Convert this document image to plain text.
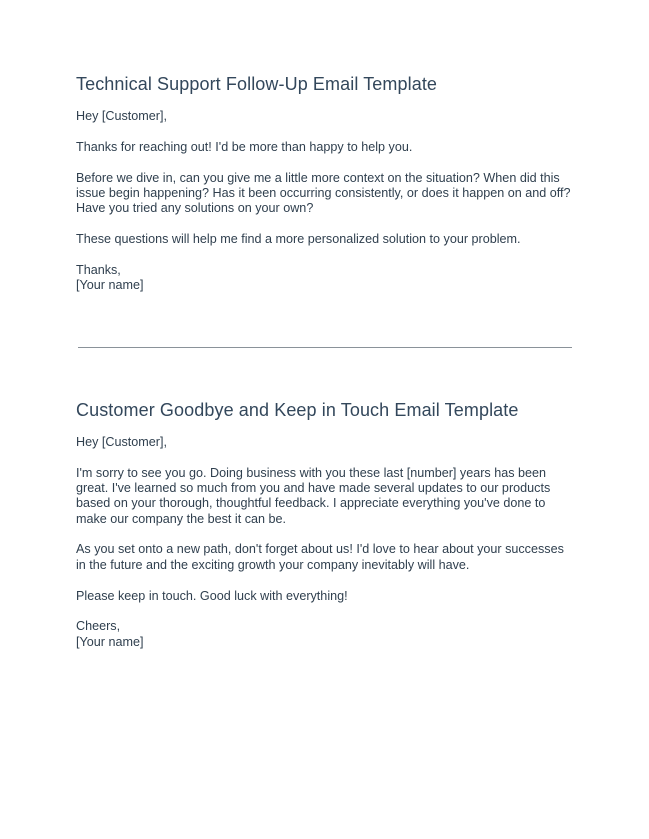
Technical Support Follow-Up Email Template

Hey [Customer],

Thanks for reaching out! I'd be more than happy to help you.

Before we dive in, can you give me a little more context on the situation? When did this issue begin happening? Has it been occurring consistently, or does it happen on and off? Have you tried any solutions on your own?

These questions will help me find a more personalized solution to your problem.

Thanks,

[Your name]

Customer Goodbye and Keep in Touch Email Template

Hey [Customer],

I'm sorry to see you go. Doing business with you these last [number] years has been great. I've learned so much from you and have made several updates to our products based on your thorough, thoughtful feedback. I appreciate everything you've done to make our company the best it can be.

As you set onto a new path, don't forget about us! I'd love to hear about your successes in the future and the exciting growth your company inevitably will have.

Please keep in touch. Good luck with everything!

Cheers,

[Your name]
